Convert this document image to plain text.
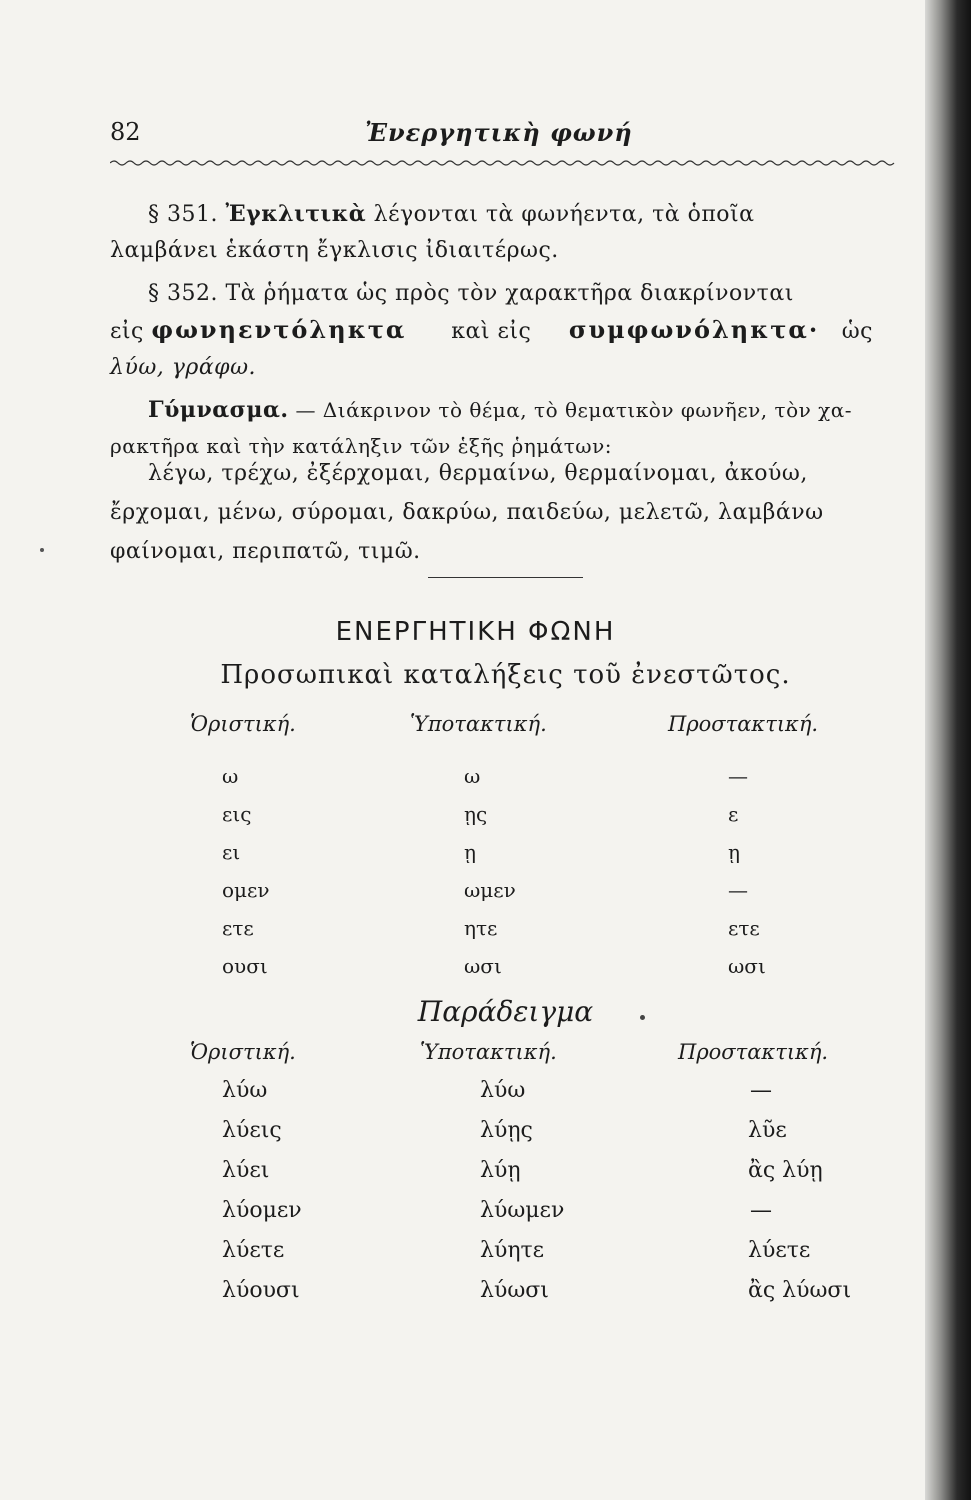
82	Ἐνεργητικὴ φωνή
§ 351. Ἐγκλιτικὰ λέγονται τὰ φωνήεντα, τὰ ὁποῖα
λαμβάνει ἑκάστη ἔγκλισις ἰδιαιτέρως.
§ 352. Τὰ ῥήματα ὡς πρὸς τὸν χαρακτῆρα διακρίνονται
εἰς φωνηεντόληκτα καὶ εἰς συμφωνόληκτα· ὡς
λύω, γράφω.
Γύμνασμα. — Διάκρινον τὸ θέμα, τὸ θεματικὸν φωνῆεν, τὸν χα-
ρακτῆρα καὶ τὴν κατάληξιν τῶν ἑξῆς ῥημάτων:
λέγω, τρέχω, ἐξέρχομαι, θερμαίνω, θερμαίνομαι, ἀκούω,
ἔρχομαι, μένω, σύρομαι, δακρύω, παιδεύω, μελετῶ, λαμβάνω
φαίνομαι, περιπατῶ, τιμῶ.
ΕΝΕΡΓΗΤΙΚΗ ΦΩΝΗ
Προσωπικαὶ καταλήξεις τοῦ ἐνεστῶτος.
Ὁριστική.	Ὑποτακτική.	Προστακτική.
ω	ω	—
εις	ῃς	ε
ει	ῃ	ῃ
ομεν	ωμεν	—
ετε	ητε	ετε
ουσι	ωσι	ωσι
Παράδειγμα
Ὁριστική.	Ὑποτακτική.	Προστακτική.
λύω	λύω	—
λύεις	λύῃς	λῦε
λύει	λύῃ	ἂς λύῃ
λύομεν	λύωμεν	—
λύετε	λύητε	λύετε
λύουσι	λύωσι	ἂς λύωσι
